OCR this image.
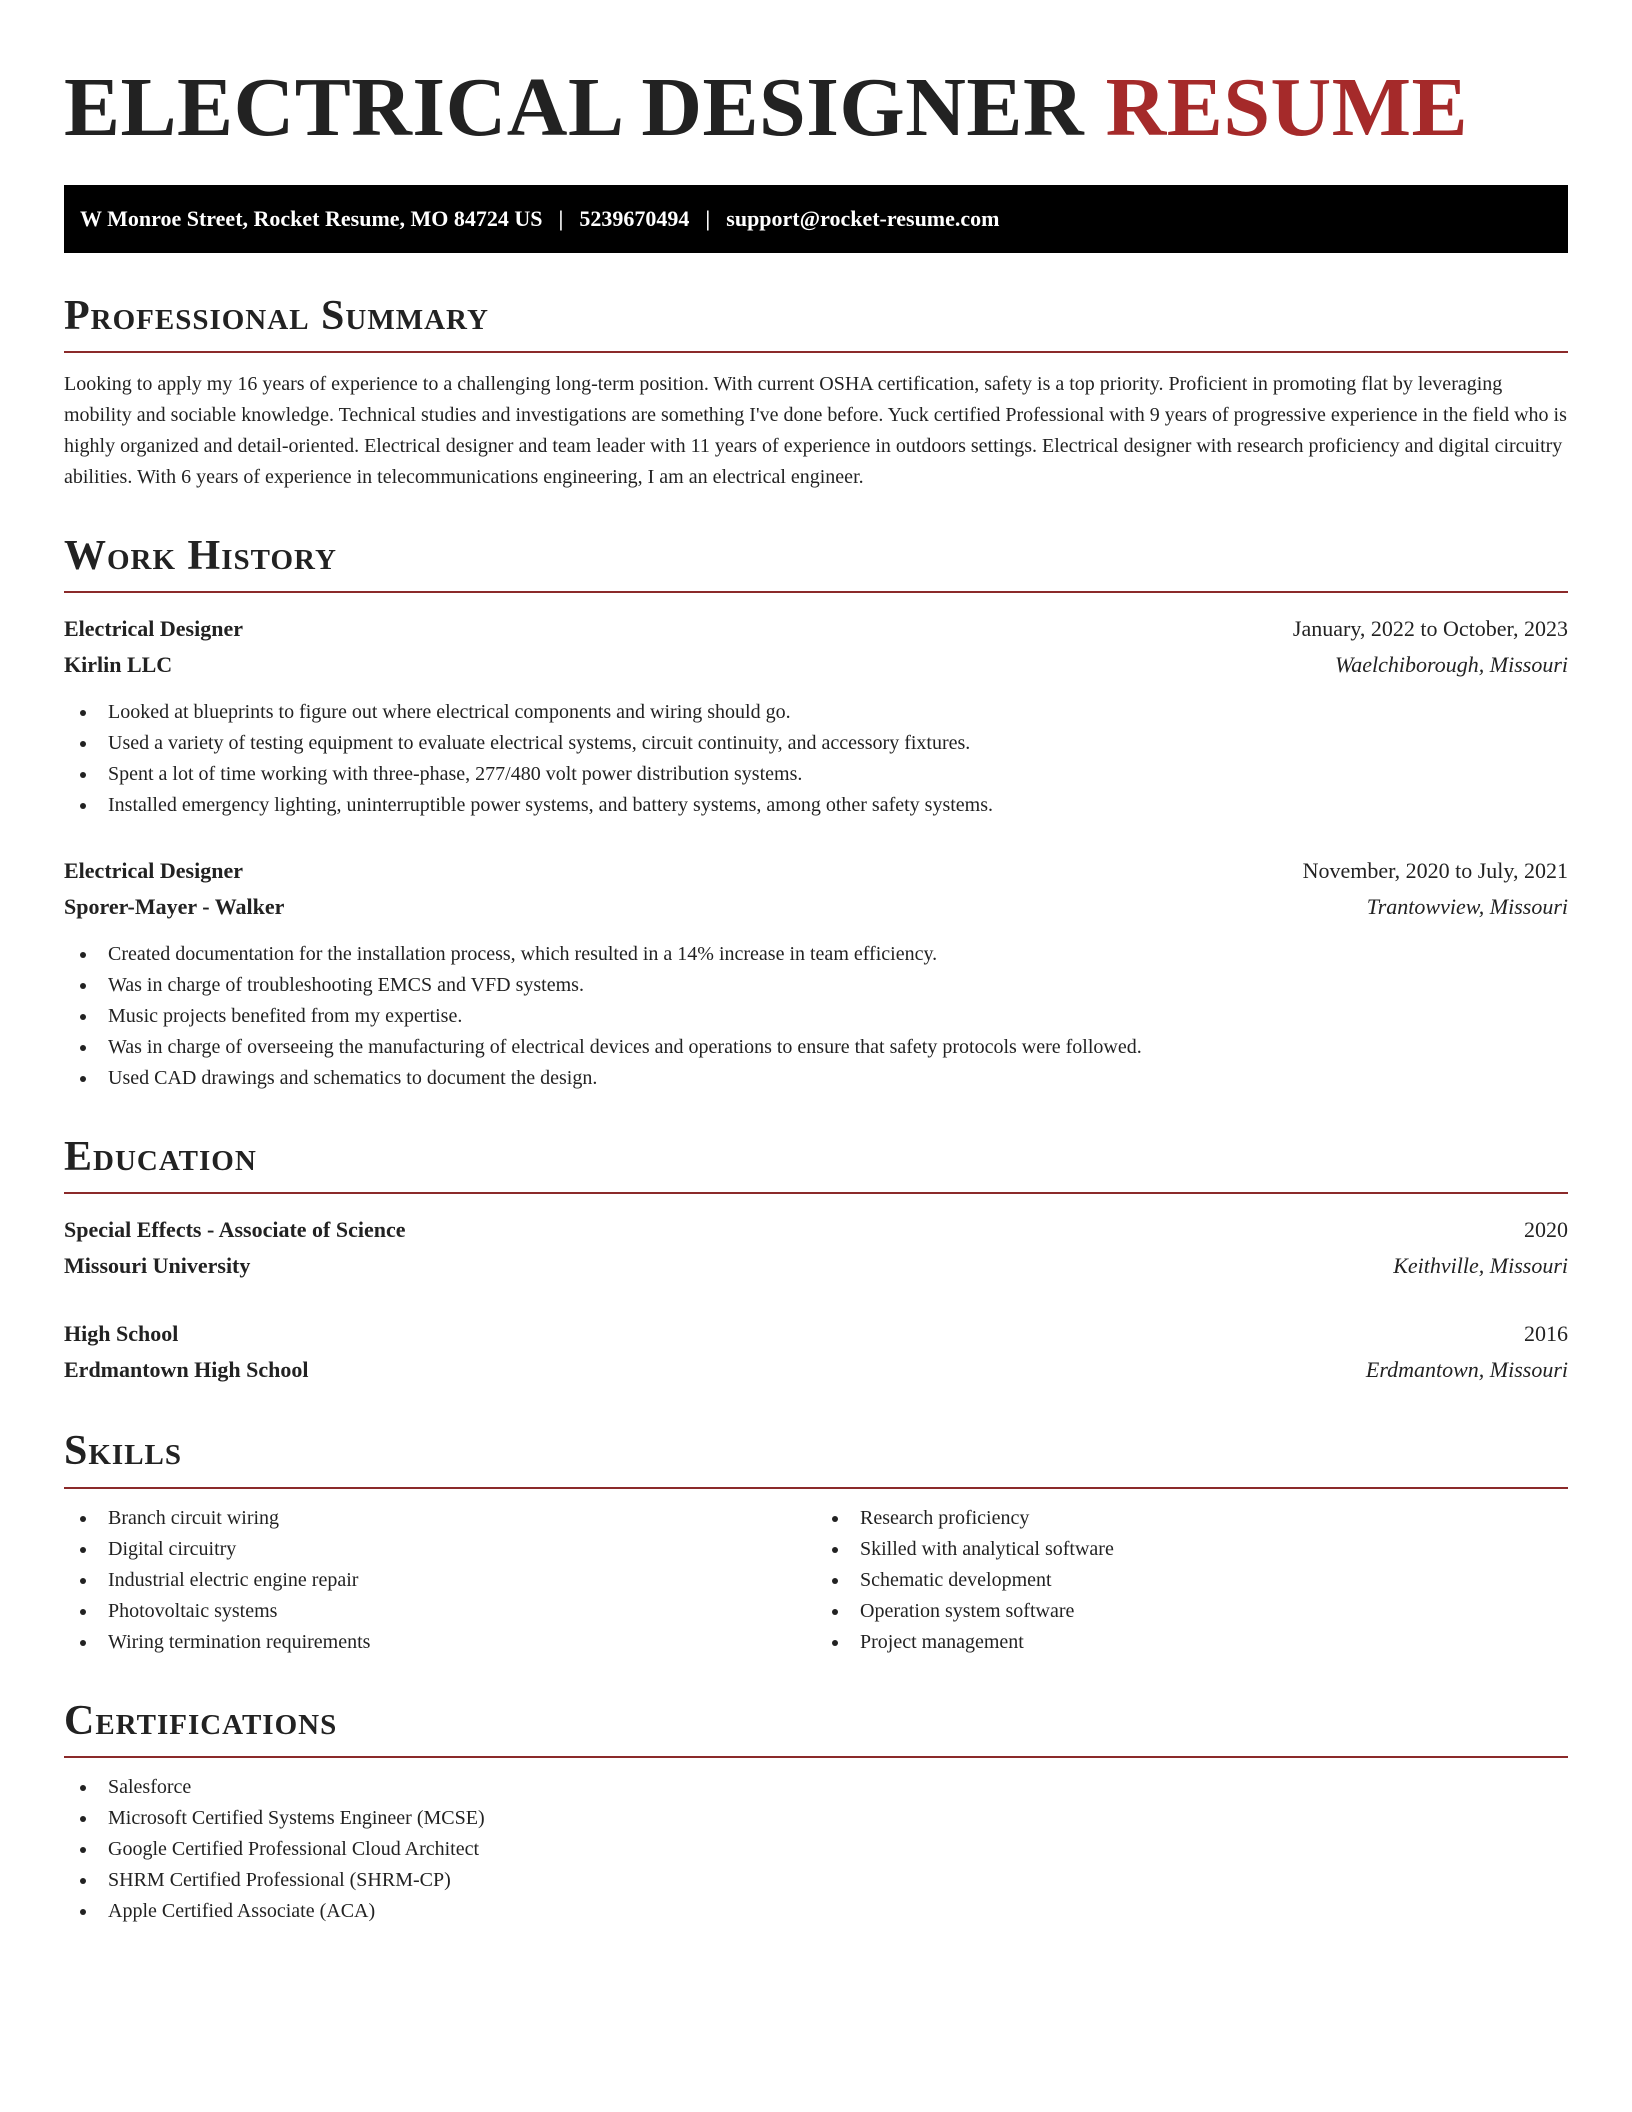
ELECTRICAL DESIGNER RESUME
W Monroe Street, Rocket Resume, MO 84724 US | 5239670494 | support@rocket-resume.com
Professional Summary

Looking to apply my 16 years of experience to a challenging long-term position. With current OSHA certification, safety is a top priority. Proficient in promoting flat by leveraging mobility and sociable knowledge. Technical studies and investigations are something I've done before. Yuck certified Professional with 9 years of progressive experience in the field who is highly organized and detail-oriented. Electrical designer and team leader with 11 years of experience in outdoors settings. Electrical designer with research proficiency and digital circuitry abilities. With 6 years of experience in telecommunications engineering, I am an electrical engineer.

Work History
Electrical Designer	January, 2022 to October, 2023
Kirlin LLC	Waelchiborough, Missouri
Looked at blueprints to figure out where electrical components and wiring should go.
Used a variety of testing equipment to evaluate electrical systems, circuit continuity, and accessory fixtures.
Spent a lot of time working with three-phase, 277/480 volt power distribution systems.
Installed emergency lighting, uninterruptible power systems, and battery systems, among other safety systems.
Electrical Designer	November, 2020 to July, 2021
Sporer-Mayer - Walker	Trantowview, Missouri
Created documentation for the installation process, which resulted in a 14% increase in team efficiency.
Was in charge of troubleshooting EMCS and VFD systems.
Music projects benefited from my expertise.
Was in charge of overseeing the manufacturing of electrical devices and operations to ensure that safety protocols were followed.
Used CAD drawings and schematics to document the design.
Education
Special Effects - Associate of Science	2020
Missouri University	Keithville, Missouri
High School	2016
Erdmantown High School	Erdmantown, Missouri
Skills
Branch circuit wiring
Digital circuitry
Industrial electric engine repair
Photovoltaic systems
Wiring termination requirements
Research proficiency
Skilled with analytical software
Schematic development
Operation system software
Project management
Certifications
Salesforce
Microsoft Certified Systems Engineer (MCSE)
Google Certified Professional Cloud Architect
SHRM Certified Professional (SHRM-CP)
Apple Certified Associate (ACA)
